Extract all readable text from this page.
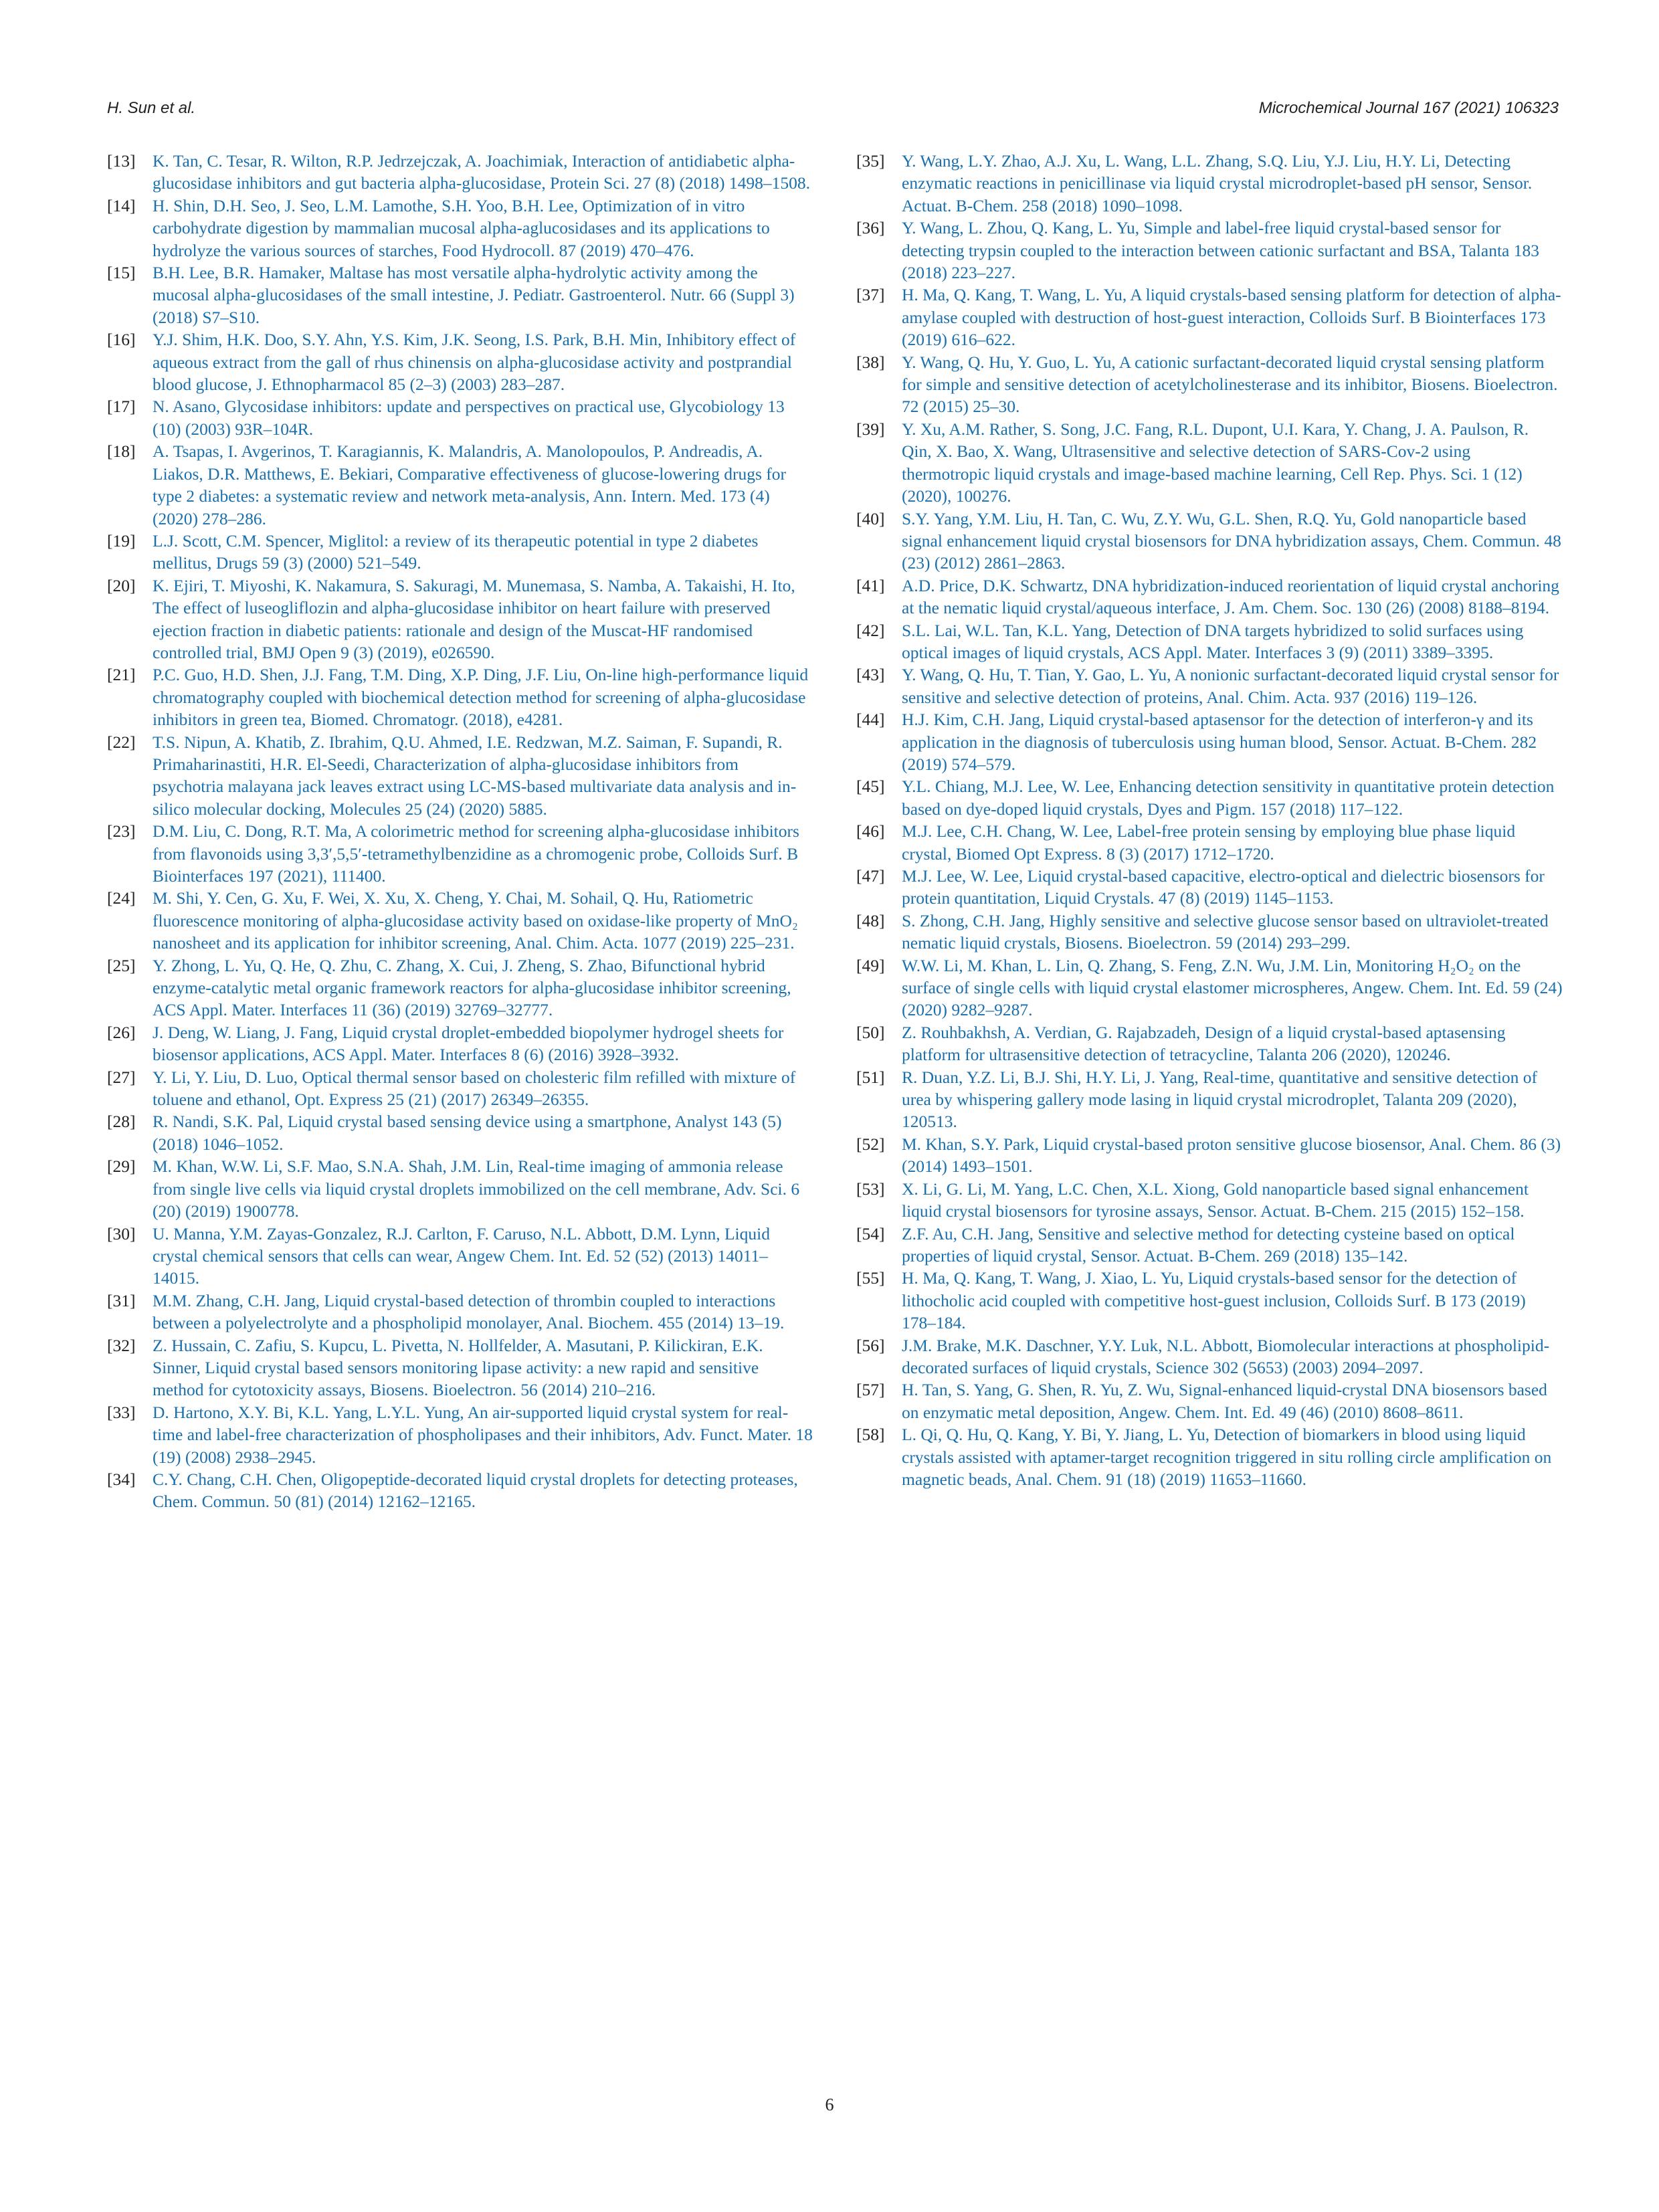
H. Sun et al.	Microchemical Journal 167 (2021) 106323
[13]	K. Tan, C. Tesar, R. Wilton, R.P. Jedrzejczak, A. Joachimiak, Interaction of antidiabetic alpha-glucosidase inhibitors and gut bacteria alpha-glucosidase, Protein Sci. 27 (8) (2018) 1498–1508.
[14]	H. Shin, D.H. Seo, J. Seo, L.M. Lamothe, S.H. Yoo, B.H. Lee, Optimization of in vitro carbohydrate digestion by mammalian mucosal alpha-aglucosidases and its applications to hydrolyze the various sources of starches, Food Hydrocoll. 87 (2019) 470–476.
[15]	B.H. Lee, B.R. Hamaker, Maltase has most versatile alpha-hydrolytic activity among the mucosal alpha-glucosidases of the small intestine, J. Pediatr. Gastroenterol. Nutr. 66 (Suppl 3) (2018) S7–S10.
[16]	Y.J. Shim, H.K. Doo, S.Y. Ahn, Y.S. Kim, J.K. Seong, I.S. Park, B.H. Min, Inhibitory effect of aqueous extract from the gall of rhus chinensis on alpha-glucosidase activity and postprandial blood glucose, J. Ethnopharmacol 85 (2–3) (2003) 283–287.
[17]	N. Asano, Glycosidase inhibitors: update and perspectives on practical use, Glycobiology 13 (10) (2003) 93R–104R.
[18]	A. Tsapas, I. Avgerinos, T. Karagiannis, K. Malandris, A. Manolopoulos, P. Andreadis, A. Liakos, D.R. Matthews, E. Bekiari, Comparative effectiveness of glucose-lowering drugs for type 2 diabetes: a systematic review and network meta-analysis, Ann. Intern. Med. 173 (4) (2020) 278–286.
[19]	L.J. Scott, C.M. Spencer, Miglitol: a review of its therapeutic potential in type 2 diabetes mellitus, Drugs 59 (3) (2000) 521–549.
[20]	K. Ejiri, T. Miyoshi, K. Nakamura, S. Sakuragi, M. Munemasa, S. Namba, A. Takaishi, H. Ito, The effect of luseogliflozin and alpha-glucosidase inhibitor on heart failure with preserved ejection fraction in diabetic patients: rationale and design of the Muscat-HF randomised controlled trial, BMJ Open 9 (3) (2019), e026590.
[21]	P.C. Guo, H.D. Shen, J.J. Fang, T.M. Ding, X.P. Ding, J.F. Liu, On-line high-performance liquid chromatography coupled with biochemical detection method for screening of alpha-glucosidase inhibitors in green tea, Biomed. Chromatogr. (2018), e4281.
[22]	T.S. Nipun, A. Khatib, Z. Ibrahim, Q.U. Ahmed, I.E. Redzwan, M.Z. Saiman, F. Supandi, R. Primaharinastiti, H.R. El-Seedi, Characterization of alpha-glucosidase inhibitors from psychotria malayana jack leaves extract using LC-MS-based multivariate data analysis and in-silico molecular docking, Molecules 25 (24) (2020) 5885.
[23]	D.M. Liu, C. Dong, R.T. Ma, A colorimetric method for screening alpha-glucosidase inhibitors from flavonoids using 3,3′,5,5′-tetramethylbenzidine as a chromogenic probe, Colloids Surf. B Biointerfaces 197 (2021), 111400.
[24]	M. Shi, Y. Cen, G. Xu, F. Wei, X. Xu, X. Cheng, Y. Chai, M. Sohail, Q. Hu, Ratiometric fluorescence monitoring of alpha-glucosidase activity based on oxidase-like property of MnO₂ nanosheet and its application for inhibitor screening, Anal. Chim. Acta. 1077 (2019) 225–231.
[25]	Y. Zhong, L. Yu, Q. He, Q. Zhu, C. Zhang, X. Cui, J. Zheng, S. Zhao, Bifunctional hybrid enzyme-catalytic metal organic framework reactors for alpha-glucosidase inhibitor screening, ACS Appl. Mater. Interfaces 11 (36) (2019) 32769–32777.
[26]	J. Deng, W. Liang, J. Fang, Liquid crystal droplet-embedded biopolymer hydrogel sheets for biosensor applications, ACS Appl. Mater. Interfaces 8 (6) (2016) 3928–3932.
[27]	Y. Li, Y. Liu, D. Luo, Optical thermal sensor based on cholesteric film refilled with mixture of toluene and ethanol, Opt. Express 25 (21) (2017) 26349–26355.
[28]	R. Nandi, S.K. Pal, Liquid crystal based sensing device using a smartphone, Analyst 143 (5) (2018) 1046–1052.
[29]	M. Khan, W.W. Li, S.F. Mao, S.N.A. Shah, J.M. Lin, Real-time imaging of ammonia release from single live cells via liquid crystal droplets immobilized on the cell membrane, Adv. Sci. 6 (20) (2019) 1900778.
[30]	U. Manna, Y.M. Zayas-Gonzalez, R.J. Carlton, F. Caruso, N.L. Abbott, D.M. Lynn, Liquid crystal chemical sensors that cells can wear, Angew Chem. Int. Ed. 52 (52) (2013) 14011–14015.
[31]	M.M. Zhang, C.H. Jang, Liquid crystal-based detection of thrombin coupled to interactions between a polyelectrolyte and a phospholipid monolayer, Anal. Biochem. 455 (2014) 13–19.
[32]	Z. Hussain, C. Zafiu, S. Kupcu, L. Pivetta, N. Hollfelder, A. Masutani, P. Kilickiran, E.K. Sinner, Liquid crystal based sensors monitoring lipase activity: a new rapid and sensitive method for cytotoxicity assays, Biosens. Bioelectron. 56 (2014) 210–216.
[33]	D. Hartono, X.Y. Bi, K.L. Yang, L.Y.L. Yung, An air-supported liquid crystal system for real-time and label-free characterization of phospholipases and their inhibitors, Adv. Funct. Mater. 18 (19) (2008) 2938–2945.
[34]	C.Y. Chang, C.H. Chen, Oligopeptide-decorated liquid crystal droplets for detecting proteases, Chem. Commun. 50 (81) (2014) 12162–12165.
[35]	Y. Wang, L.Y. Zhao, A.J. Xu, L. Wang, L.L. Zhang, S.Q. Liu, Y.J. Liu, H.Y. Li, Detecting enzymatic reactions in penicillinase via liquid crystal microdroplet-based pH sensor, Sensor. Actuat. B-Chem. 258 (2018) 1090–1098.
[36]	Y. Wang, L. Zhou, Q. Kang, L. Yu, Simple and label-free liquid crystal-based sensor for detecting trypsin coupled to the interaction between cationic surfactant and BSA, Talanta 183 (2018) 223–227.
[37]	H. Ma, Q. Kang, T. Wang, L. Yu, A liquid crystals-based sensing platform for detection of alpha-amylase coupled with destruction of host-guest interaction, Colloids Surf. B Biointerfaces 173 (2019) 616–622.
[38]	Y. Wang, Q. Hu, Y. Guo, L. Yu, A cationic surfactant-decorated liquid crystal sensing platform for simple and sensitive detection of acetylcholinesterase and its inhibitor, Biosens. Bioelectron. 72 (2015) 25–30.
[39]	Y. Xu, A.M. Rather, S. Song, J.C. Fang, R.L. Dupont, U.I. Kara, Y. Chang, J. A. Paulson, R. Qin, X. Bao, X. Wang, Ultrasensitive and selective detection of SARS-Cov-2 using thermotropic liquid crystals and image-based machine learning, Cell Rep. Phys. Sci. 1 (12) (2020), 100276.
[40]	S.Y. Yang, Y.M. Liu, H. Tan, C. Wu, Z.Y. Wu, G.L. Shen, R.Q. Yu, Gold nanoparticle based signal enhancement liquid crystal biosensors for DNA hybridization assays, Chem. Commun. 48 (23) (2012) 2861–2863.
[41]	A.D. Price, D.K. Schwartz, DNA hybridization-induced reorientation of liquid crystal anchoring at the nematic liquid crystal/aqueous interface, J. Am. Chem. Soc. 130 (26) (2008) 8188–8194.
[42]	S.L. Lai, W.L. Tan, K.L. Yang, Detection of DNA targets hybridized to solid surfaces using optical images of liquid crystals, ACS Appl. Mater. Interfaces 3 (9) (2011) 3389–3395.
[43]	Y. Wang, Q. Hu, T. Tian, Y. Gao, L. Yu, A nonionic surfactant-decorated liquid crystal sensor for sensitive and selective detection of proteins, Anal. Chim. Acta. 937 (2016) 119–126.
[44]	H.J. Kim, C.H. Jang, Liquid crystal-based aptasensor for the detection of interferon-γ and its application in the diagnosis of tuberculosis using human blood, Sensor. Actuat. B-Chem. 282 (2019) 574–579.
[45]	Y.L. Chiang, M.J. Lee, W. Lee, Enhancing detection sensitivity in quantitative protein detection based on dye-doped liquid crystals, Dyes and Pigm. 157 (2018) 117–122.
[46]	M.J. Lee, C.H. Chang, W. Lee, Label-free protein sensing by employing blue phase liquid crystal, Biomed Opt Express. 8 (3) (2017) 1712–1720.
[47]	M.J. Lee, W. Lee, Liquid crystal-based capacitive, electro-optical and dielectric biosensors for protein quantitation, Liquid Crystals. 47 (8) (2019) 1145–1153.
[48]	S. Zhong, C.H. Jang, Highly sensitive and selective glucose sensor based on ultraviolet-treated nematic liquid crystals, Biosens. Bioelectron. 59 (2014) 293–299.
[49]	W.W. Li, M. Khan, L. Lin, Q. Zhang, S. Feng, Z.N. Wu, J.M. Lin, Monitoring H₂O₂ on the surface of single cells with liquid crystal elastomer microspheres, Angew. Chem. Int. Ed. 59 (24) (2020) 9282–9287.
[50]	Z. Rouhbakhsh, A. Verdian, G. Rajabzadeh, Design of a liquid crystal-based aptasensing platform for ultrasensitive detection of tetracycline, Talanta 206 (2020), 120246.
[51]	R. Duan, Y.Z. Li, B.J. Shi, H.Y. Li, J. Yang, Real-time, quantitative and sensitive detection of urea by whispering gallery mode lasing in liquid crystal microdroplet, Talanta 209 (2020), 120513.
[52]	M. Khan, S.Y. Park, Liquid crystal-based proton sensitive glucose biosensor, Anal. Chem. 86 (3) (2014) 1493–1501.
[53]	X. Li, G. Li, M. Yang, L.C. Chen, X.L. Xiong, Gold nanoparticle based signal enhancement liquid crystal biosensors for tyrosine assays, Sensor. Actuat. B-Chem. 215 (2015) 152–158.
[54]	Z.F. Au, C.H. Jang, Sensitive and selective method for detecting cysteine based on optical properties of liquid crystal, Sensor. Actuat. B-Chem. 269 (2018) 135–142.
[55]	H. Ma, Q. Kang, T. Wang, J. Xiao, L. Yu, Liquid crystals-based sensor for the detection of lithocholic acid coupled with competitive host-guest inclusion, Colloids Surf. B 173 (2019) 178–184.
[56]	J.M. Brake, M.K. Daschner, Y.Y. Luk, N.L. Abbott, Biomolecular interactions at phospholipid-decorated surfaces of liquid crystals, Science 302 (5653) (2003) 2094–2097.
[57]	H. Tan, S. Yang, G. Shen, R. Yu, Z. Wu, Signal-enhanced liquid-crystal DNA biosensors based on enzymatic metal deposition, Angew. Chem. Int. Ed. 49 (46) (2010) 8608–8611.
[58]	L. Qi, Q. Hu, Q. Kang, Y. Bi, Y. Jiang, L. Yu, Detection of biomarkers in blood using liquid crystals assisted with aptamer-target recognition triggered in situ rolling circle amplification on magnetic beads, Anal. Chem. 91 (18) (2019) 11653–11660.
6
